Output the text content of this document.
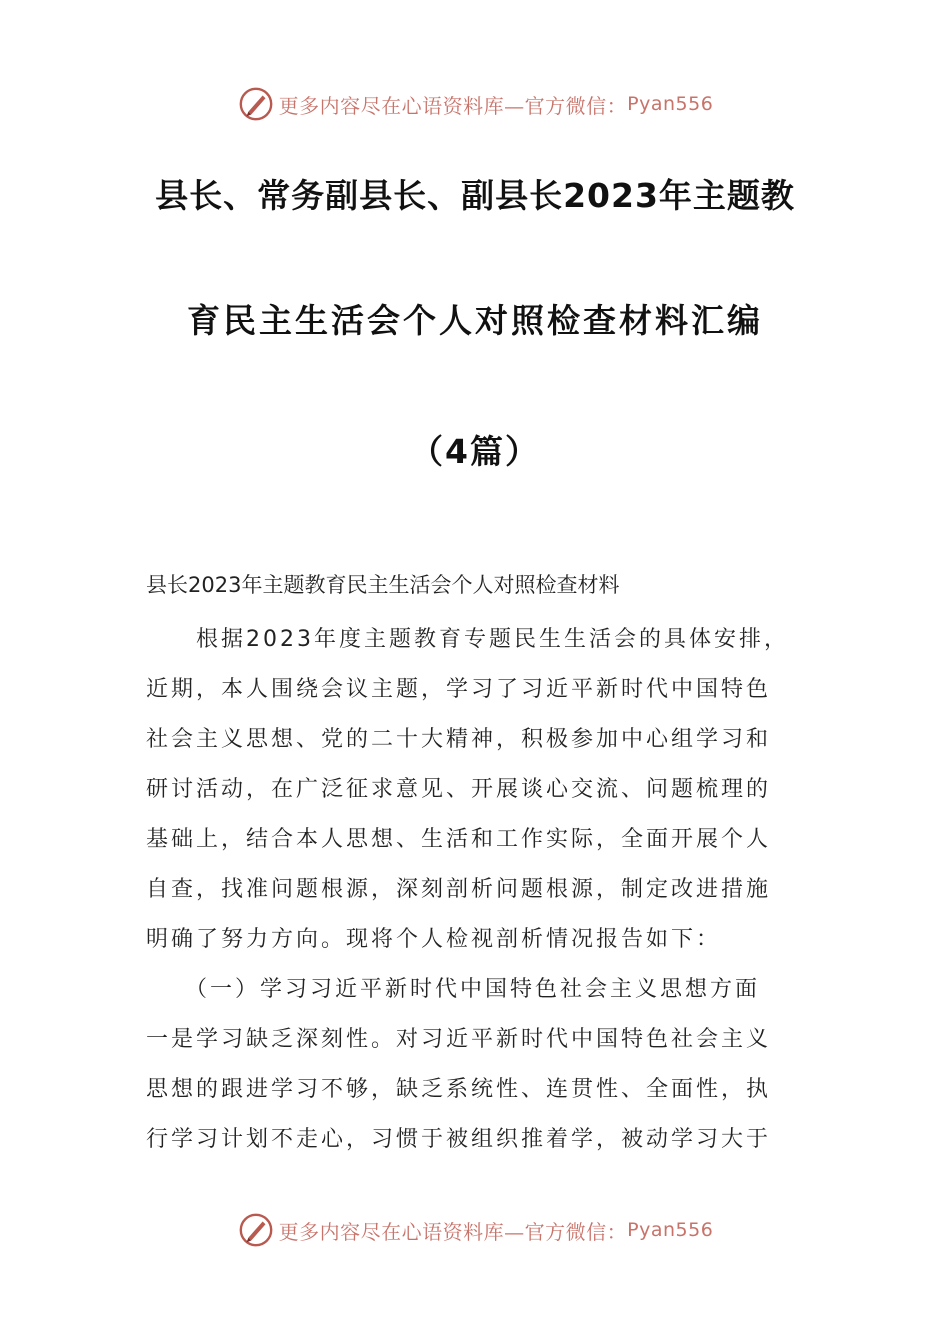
更多内容尽在心语资料库—官方微信： Pyan556
县长、常务副县长、副县长2023年主题教
育民主生活会个人对照检查材料汇编
（4篇）
县长2023年主题教育民主生活会个人对照检查材料
　　根据2023年度主题教育专题民生生活会的具体安排，
近期，本人围绕会议主题，学习了习近平新时代中国特色
社会主义思想、党的二十大精神，积极参加中心组学习和
研讨活动，在广泛征求意见、开展谈心交流、问题梳理的
基础上，结合本人思想、生活和工作实际，全面开展个人
自查，找准问题根源，深刻剖析问题根源，制定改进措施
明确了努力方向。现将个人检视剖析情况报告如下：
　　（一）学习习近平新时代中国特色社会主义思想方面
一是学习缺乏深刻性。对习近平新时代中国特色社会主义
思想的跟进学习不够，缺乏系统性、连贯性、全面性，执
行学习计划不走心，习惯于被组织推着学，被动学习大于
更多内容尽在心语资料库—官方微信： Pyan556
